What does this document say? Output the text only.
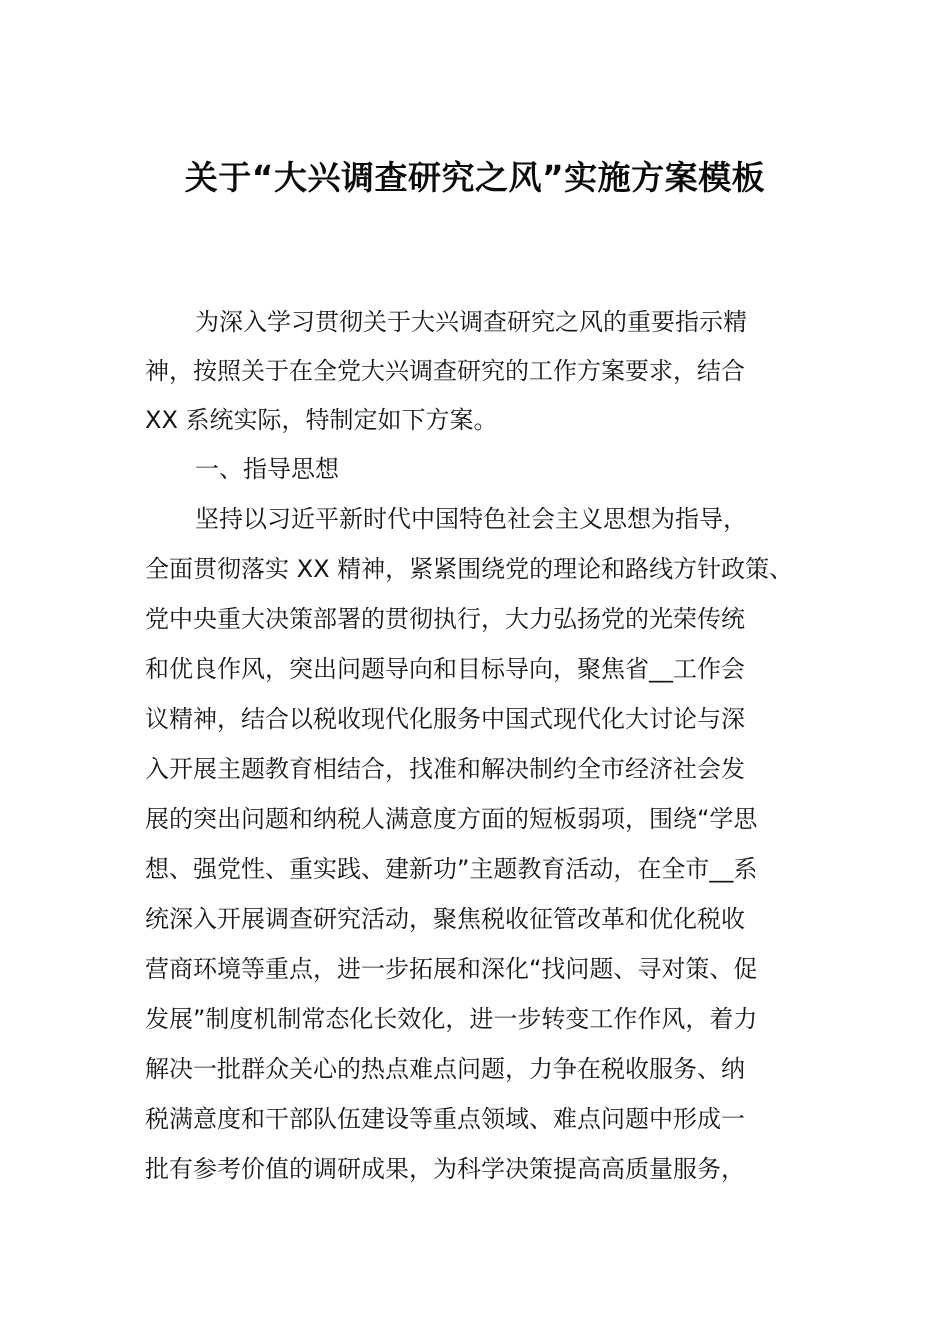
关于“大兴调查研究之风”实施方案模板
为深入学习贯彻关于大兴调查研究之风的重要指示精
神，按照关于在全党大兴调查研究的工作方案要求，结合
XX 系统实际，特制定如下方案。
一、指导思想
坚持以习近平新时代中国特色社会主义思想为指导，
全面贯彻落实 XX 精神，紧紧围绕党的理论和路线方针政策、
党中央重大决策部署的贯彻执行，大力弘扬党的光荣传统
和优良作风，突出问题导向和目标导向，聚焦省__工作会
议精神，结合以税收现代化服务中国式现代化大讨论与深
入开展主题教育相结合，找准和解决制约全市经济社会发
展的突出问题和纳税人满意度方面的短板弱项，围绕“学思
想、强党性、重实践、建新功”主题教育活动，在全市__系
统深入开展调查研究活动，聚焦税收征管改革和优化税收
营商环境等重点，进一步拓展和深化“找问题、寻对策、促
发展”制度机制常态化长效化，进一步转变工作作风，着力
解决一批群众关心的热点难点问题，力争在税收服务、纳
税满意度和干部队伍建设等重点领域、难点问题中形成一
批有参考价值的调研成果，为科学决策提高高质量服务，
